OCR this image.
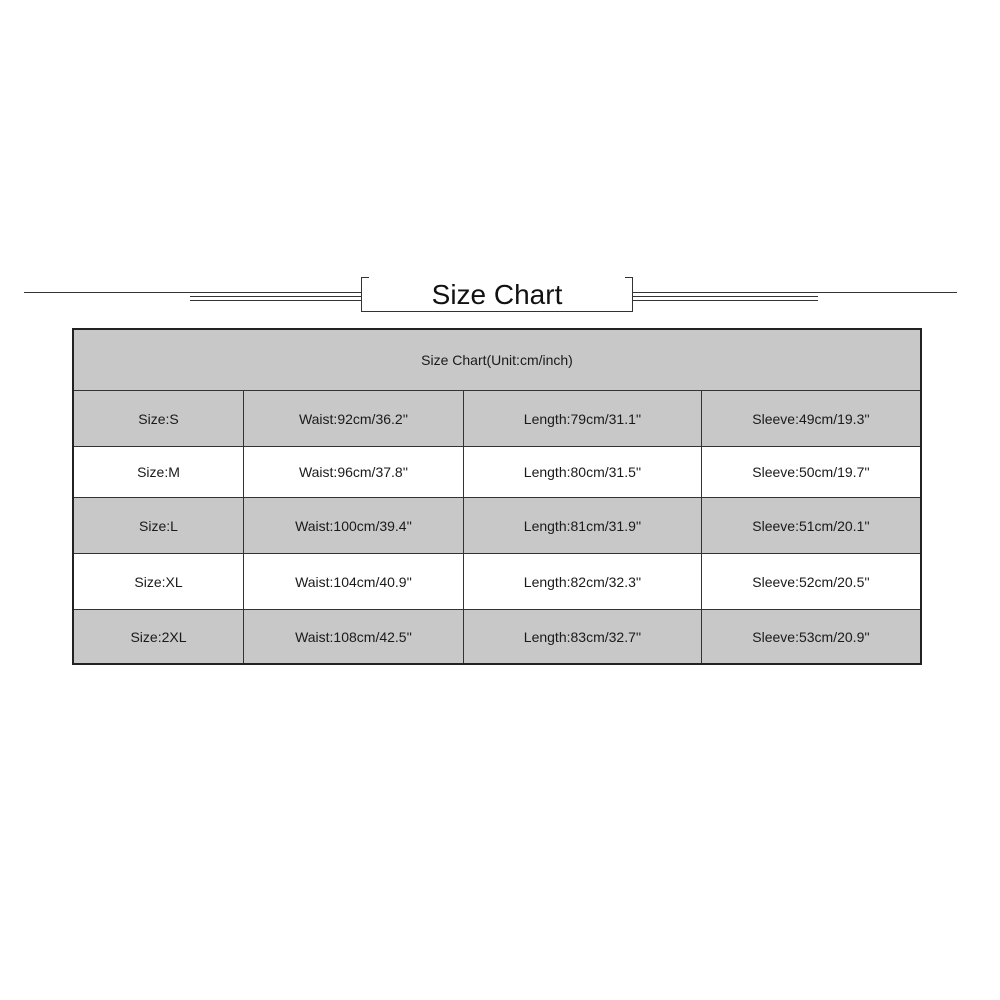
Size Chart
Size Chart(Unit:cm/inch)
Size:S	Waist:92cm/36.2''	Length:79cm/31.1''	Sleeve:49cm/19.3''
Size:M	Waist:96cm/37.8''	Length:80cm/31.5''	Sleeve:50cm/19.7''
Size:L	Waist:100cm/39.4''	Length:81cm/31.9''	Sleeve:51cm/20.1''
Size:XL	Waist:104cm/40.9''	Length:82cm/32.3''	Sleeve:52cm/20.5''
Size:2XL	Waist:108cm/42.5''	Length:83cm/32.7''	Sleeve:53cm/20.9''
